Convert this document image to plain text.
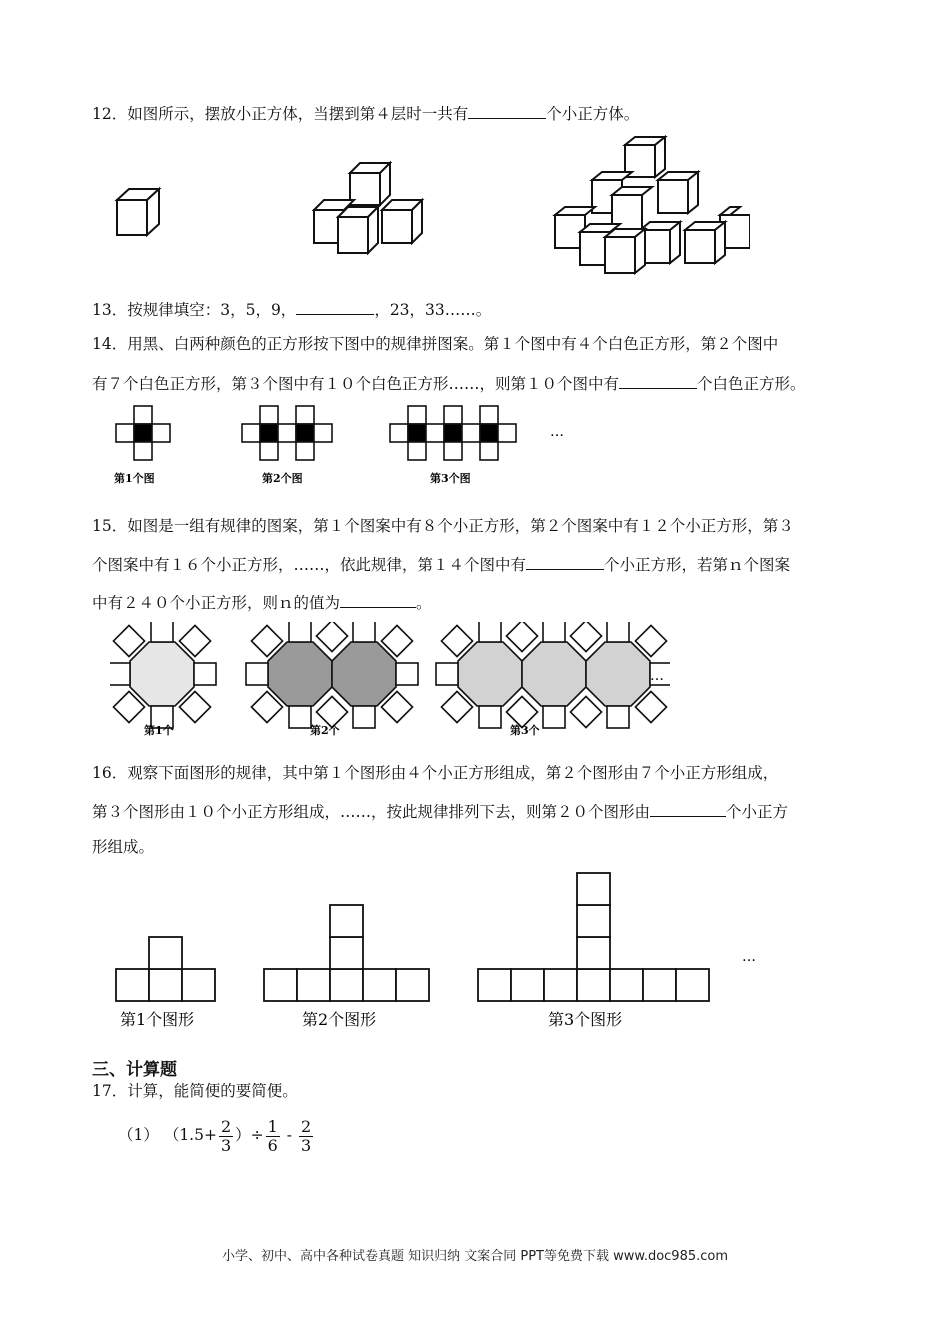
12．如图所示，摆放小正方体，当摆到第４层时一共有	个小正方体。
13．按规律填空：3，5，9，	，23，33……。
14．用黑、白两种颜色的正方形按下图中的规律拼图案。第１个图中有４个白色正方形，第２个图中
有７个白色正方形，第３个图中有１０个白色正方形……，则第１０个图中有	个白色正方形。
第1个图	第2个图	第3个图
…
15．如图是一组有规律的图案，第１个图案中有８个小正方形，第２个图案中有１２个小正方形，第３
个图案中有１６个小正方形，……，依此规律，第１４个图中有	个小正方形，若第ｎ个图案
中有２４０个小正方形，则ｎ的值为	。
第1个	第2个	第3个
…
16．观察下面图形的规律，其中第１个图形由４个小正方形组成，第２个图形由７个小正方形组成，
第３个图形由１０个小正方形组成，……，按此规律排列下去，则第２０个图形由	个小正方
形组成。
第1个图形	第2个图形	第3个图形
…
三、计算题
17．计算，能简便的要简便。
（1） （$1.5+ \frac{2}{3}$ ）÷ $\frac{1}{6} - \frac{2}{3}$
小学、初中、高中各种试卷真题 知识归纳 文案合同 PPT等免费下载 www.doc985.com
